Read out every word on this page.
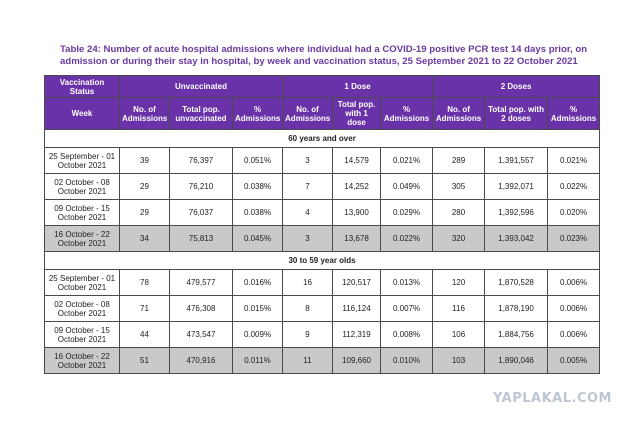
Table 24: Number of acute hospital admissions where individual had a COVID-19 positive PCR test 14 days prior, on admission or during their stay in hospital, by week and vaccination status, 25 September 2021 to 22 October 2021
Vaccination Status	Unvaccinated			1 Dose			2 Doses		
Week	No. of Admissions	Total pop. unvaccinated	% Admissions	No. of Admissions	Total pop. with 1 dose	% Admissions	No. of Admissions	Total pop. with 2 doses	% Admissions
60 years and over									
25 September - 01 October 2021	39	76,397	0.051%	3	14,579	0.021%	289	1,391,557	0.021%
02 October - 08 October 2021	29	76,210	0.038%	7	14,252	0.049%	305	1,392,071	0.022%
09 October - 15 October 2021	29	76,037	0.038%	4	13,900	0.029%	280	1,392,596	0.020%
16 October - 22 October 2021	34	75,813	0.045%	3	13,678	0.022%	320	1,393,042	0.023%
30 to 59 year olds									
25 September - 01 October 2021	78	479,577	0.016%	16	120,517	0.013%	120	1,870,528	0.006%
02 October - 08 October 2021	71	476,308	0.015%	8	116,124	0.007%	116	1,878,190	0.006%
09 October - 15 October 2021	44	473,547	0.009%	9	112,319	0.008%	106	1,884,756	0.006%
16 October - 22 October 2021	51	470,916	0.011%	11	109,660	0.010%	103	1,890,046	0.005%
YAPLAKAL.COM
